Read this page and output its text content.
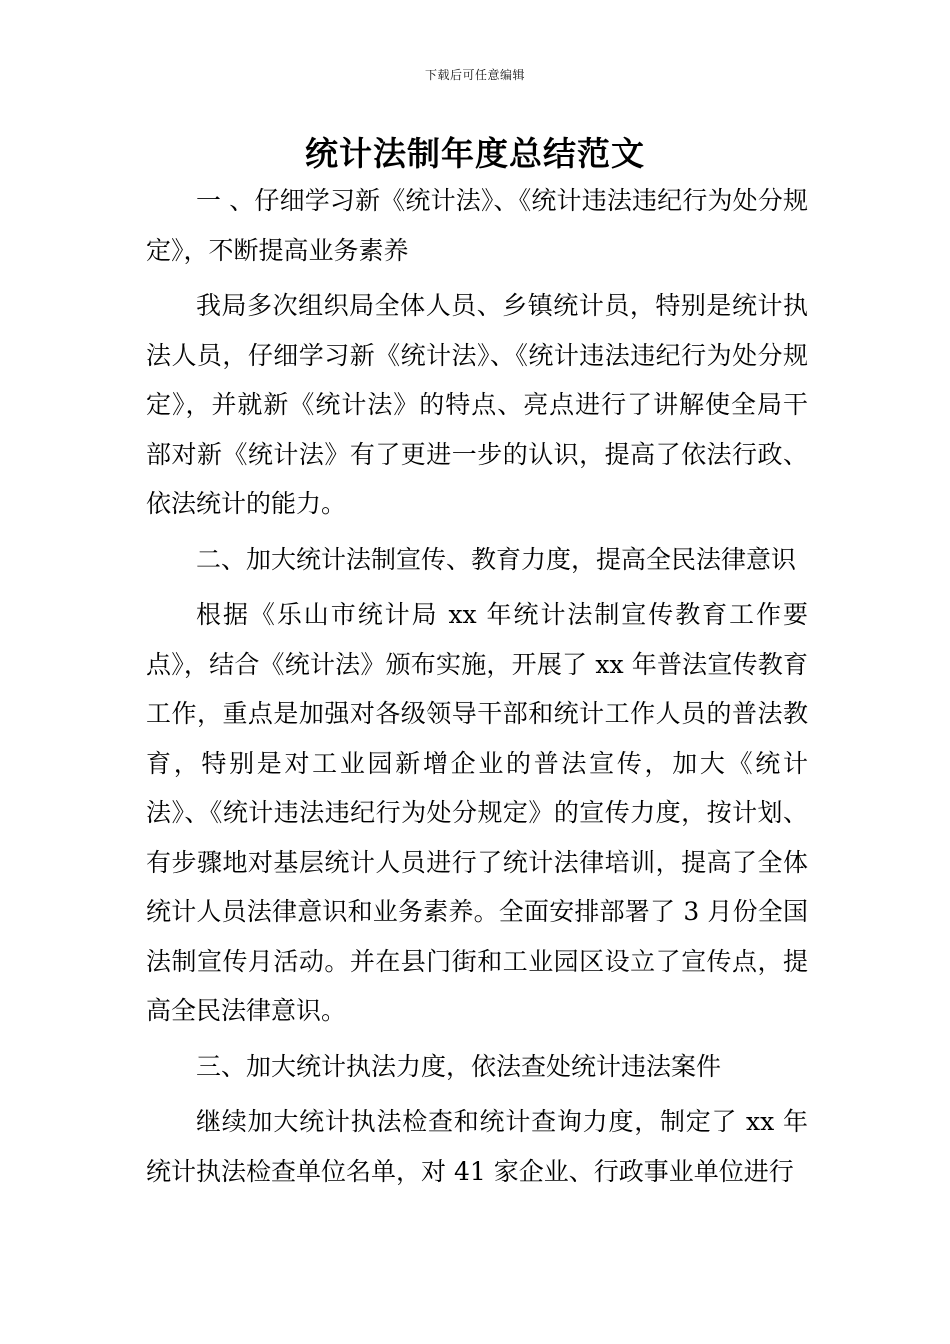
下载后可任意编辑
统计法制年度总结范文

一 、仔细学习新《统计法》、《统计违法违纪行为处分规定》，不断提高业务素养

我局多次组织局全体人员、乡镇统计员，特别是统计执法人员，仔细学习新《统计法》、《统计违法违纪行为处分规定》，并就新《统计法》的特点、亮点进行了讲解使全局干部对新《统计法》有了更进一步的认识，提高了依法行政、依法统计的能力。

二、加大统计法制宣传、教育力度，提高全民法律意识

根据《乐山市统计局 xx 年统计法制宣传教育工作要点》，结合《统计法》颁布实施，开展了 xx 年普法宣传教育工作，重点是加强对各级领导干部和统计工作人员的普法教育，特别是对工业园新增企业的普法宣传，加大《统计法》、《统计违法违纪行为处分规定》的宣传力度，按计划、有步骤地对基层统计人员进行了统计法律培训，提高了全体统计人员法律意识和业务素养。全面安排部署了 3 月份全国法制宣传月活动。并在县门街和工业园区设立了宣传点，提高全民法律意识。

三、加大统计执法力度，依法查处统计违法案件

继续加大统计执法检查和统计查询力度，制定了 xx 年统计执法检查单位名单，对 41 家企业、行政事业单位进行
